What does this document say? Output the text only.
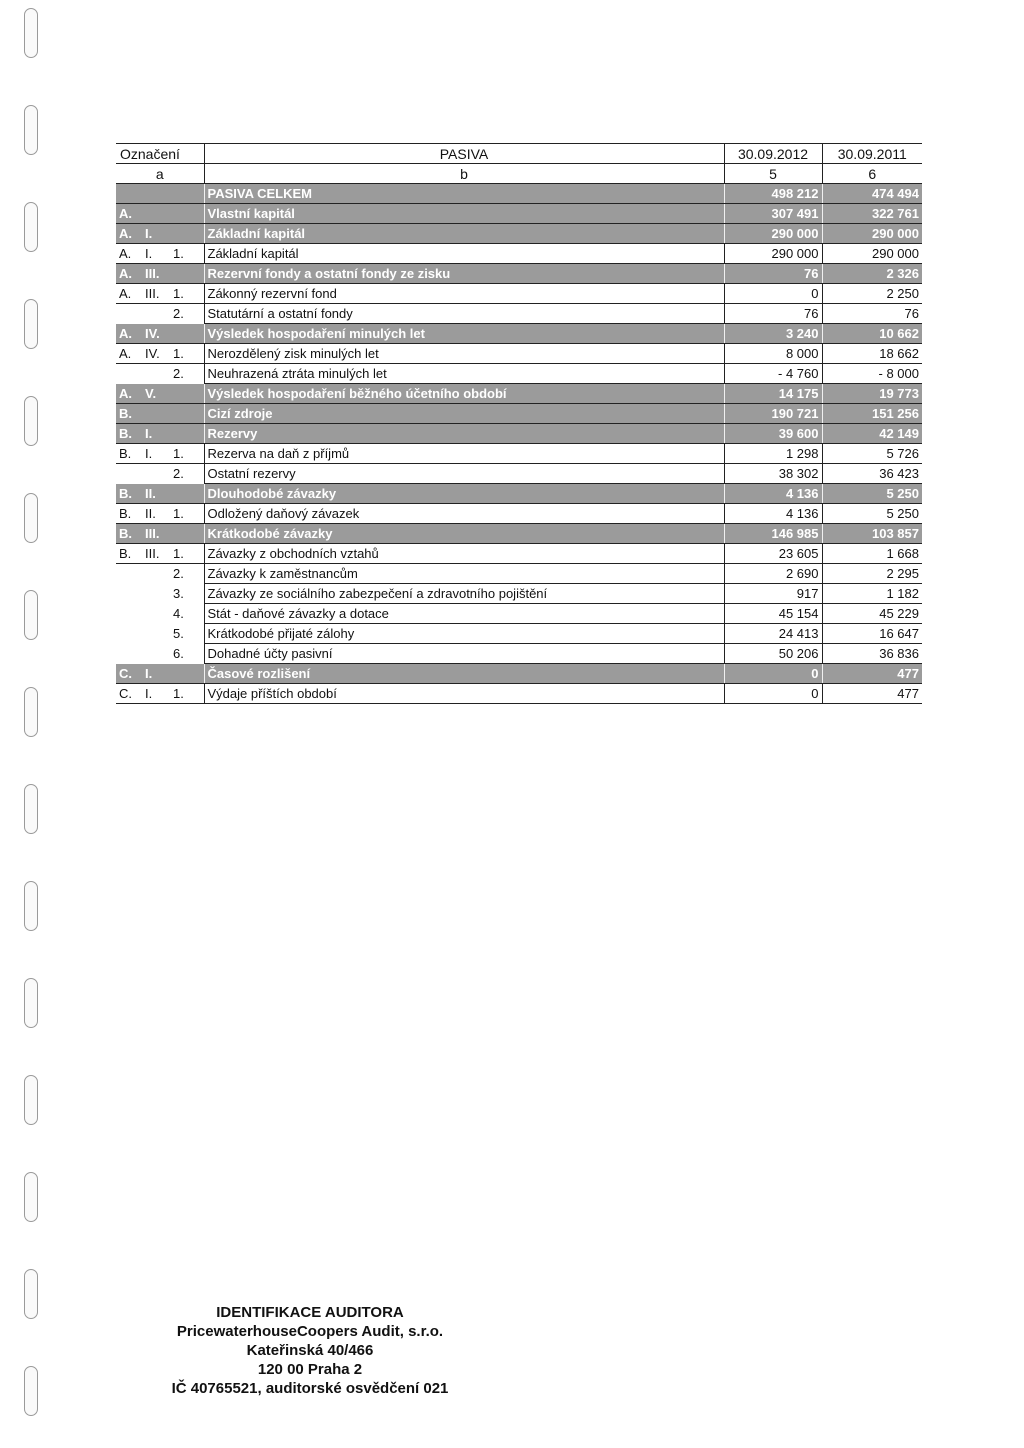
Označení	PASIVA	30.09.2012	30.09.2011
a	b	5	6
	PASIVA CELKEM	498 212	474 494
A.	Vlastní kapitál	307 491	322 761
A. I.	Základní kapitál	290 000	290 000
A. I. 1.	Základní kapitál	290 000	290 000
A. III.	Rezervní fondy a ostatní fondy ze zisku	76	2 326
A. III. 1.	Zákonný rezervní fond	0	2 250
2.	Statutární a ostatní fondy	76	76
A. IV.	Výsledek hospodaření minulých let	3 240	10 662
A. IV. 1.	Nerozdělený zisk minulých let	8 000	18 662
2.	Neuhrazená ztráta minulých let	- 4 760	- 8 000
A. V.	Výsledek hospodaření běžného účetního období	14 175	19 773
B.	Cizí zdroje	190 721	151 256
B. I.	Rezervy	39 600	42 149
B. I. 1.	Rezerva na daň z příjmů	1 298	5 726
2.	Ostatní rezervy	38 302	36 423
B. II.	Dlouhodobé závazky	4 136	5 250
B. II. 1.	Odložený daňový závazek	4 136	5 250
B. III.	Krátkodobé závazky	146 985	103 857
B. III. 1.	Závazky z obchodních vztahů	23 605	1 668
2.	Závazky k zaměstnancům	2 690	2 295
3.	Závazky ze sociálního zabezpečení a zdravotního pojištění	917	1 182
4.	Stát - daňové závazky a dotace	45 154	45 229
5.	Krátkodobé přijaté zálohy	24 413	16 647
6.	Dohadné účty pasivní	50 206	36 836
C. I.	Časové rozlišení	0	477
C. I. 1.	Výdaje příštích období	0	477
IDENTIFIKACE AUDITORA
PricewaterhouseCoopers Audit, s.r.o.
Kateřinská 40/466
120 00 Praha 2
IČ 40765521, auditorské osvědčení 021
